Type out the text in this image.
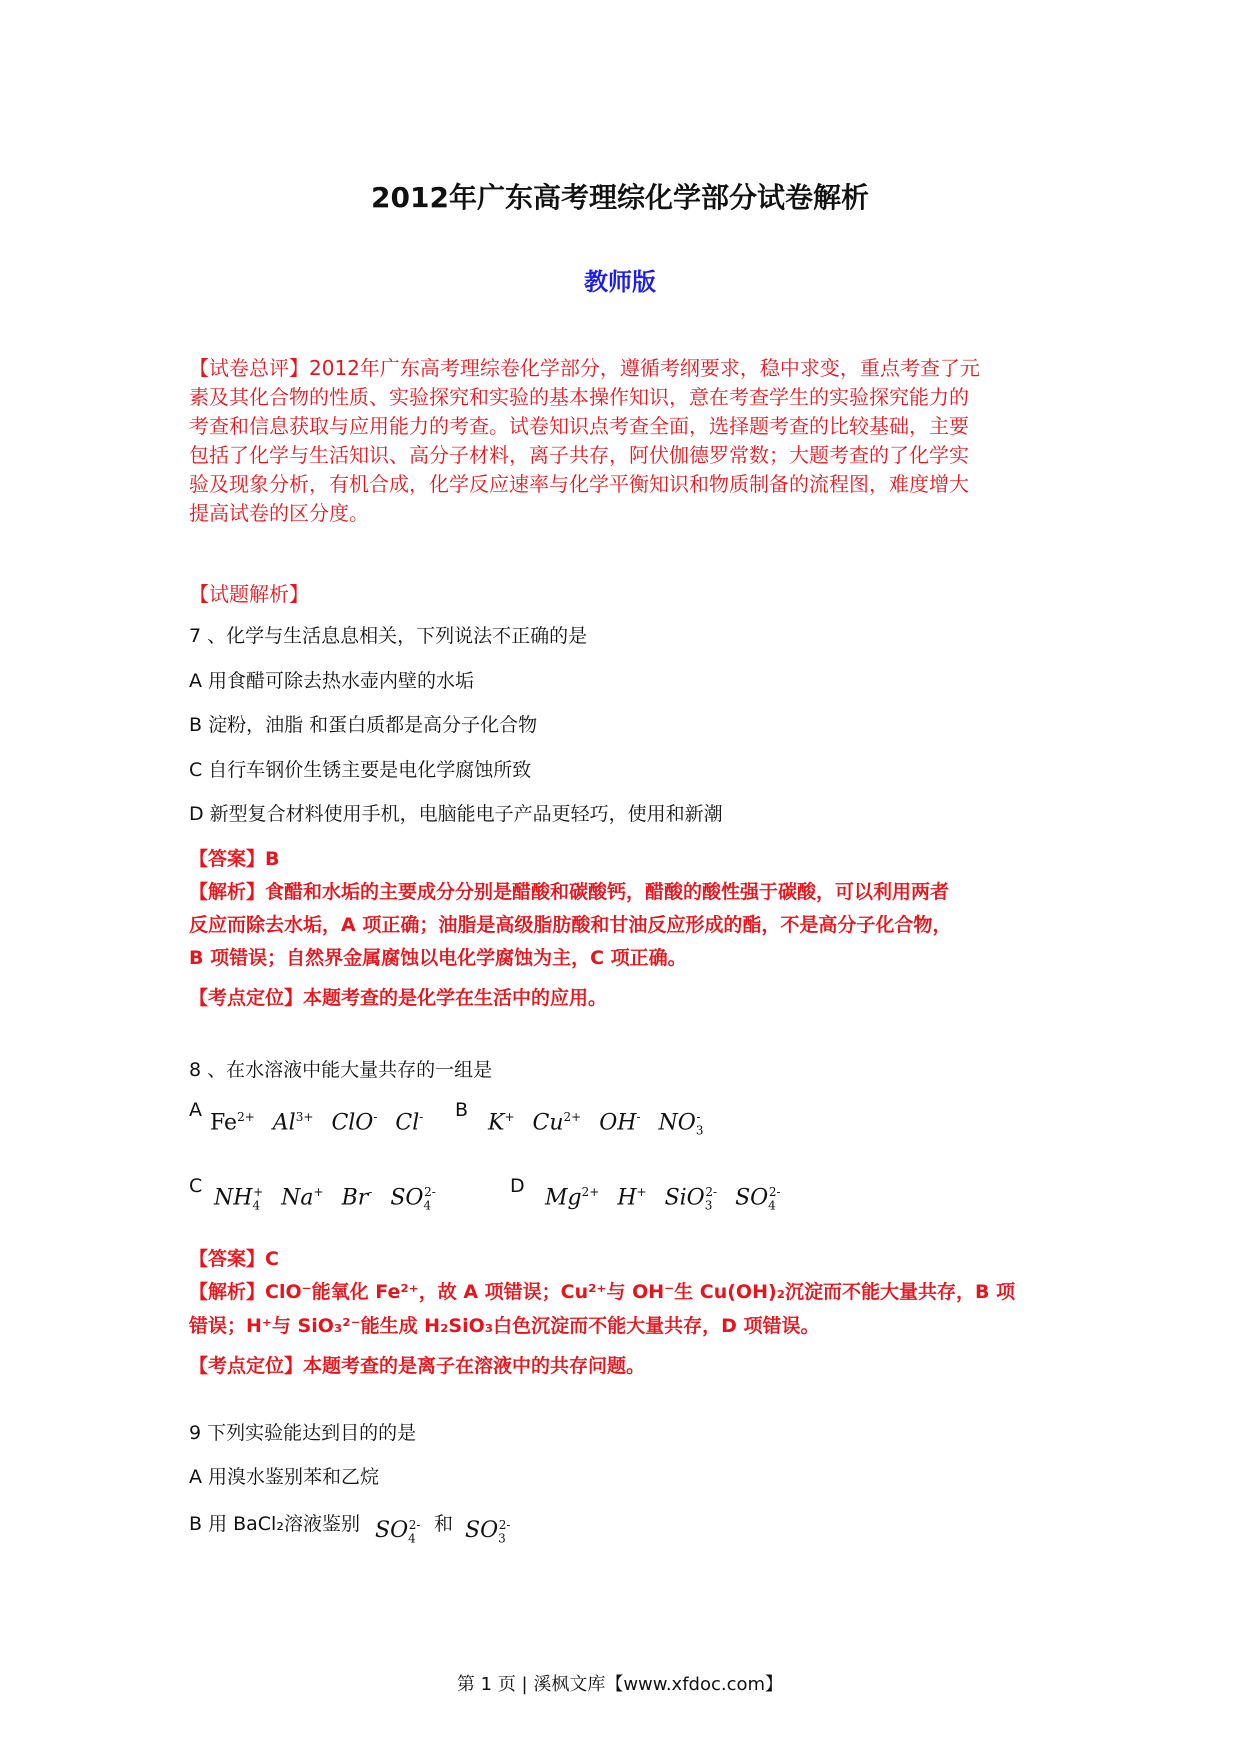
2012年广东高考理综化学部分试卷解析
教师版
【试卷总评】2012年广东高考理综卷化学部分，遵循考纲要求，稳中求变，重点考查了元
素及其化合物的性质、实验探究和实验的基本操作知识，意在考查学生的实验探究能力的
考查和信息获取与应用能力的考查。试卷知识点考查全面，选择题考查的比较基础，主要
包括了化学与生活知识、高分子材料，离子共存，阿伏伽德罗常数；大题考查的了化学实
验及现象分析，有机合成，化学反应速率与化学平衡知识和物质制备的流程图，难度增大
提高试卷的区分度。
【试题解析】
7 、化学与生活息息相关，下列说法不正确的是
A 用食醋可除去热水壶内壁的水垢
B 淀粉，油脂 和蛋白质都是高分子化合物
C 自行车钢价生锈主要是电化学腐蚀所致
D 新型复合材料使用手机，电脑能电子产品更轻巧，使用和新潮
【答案】B
【解析】食醋和水垢的主要成分分别是醋酸和碳酸钙，醋酸的酸性强于碳酸，可以利用两者
反应而除去水垢，A 项正确；油脂是高级脂肪酸和甘油反应形成的酯，不是高分子化合物，
B 项错误；自然界金属腐蚀以电化学腐蚀为主，C 项正确。
【考点定位】本题考查的是化学在生活中的应用。
8 、在水溶液中能大量共存的一组是
A
$Fe^{2+}$ $Al^{3+}$ ClO- Cl-	B
K+ $Cu^{2+}$ OH- $NO_3^-$
C $NH_4^+$ Na+ Br- $SO_4^{2-}$	D $Mg^{2+}$ H+ SiO$_3^{2-}$ $SO_4^{2-}$
【答案】C
【解析】ClO⁻能氧化 Fe²⁺，故 A 项错误；Cu²⁺与 OH⁻生 Cu(OH)₂沉淀而不能大量共存，B 项
错误；H⁺与 SiO₃²⁻能生成 H₂SiO₃白色沉淀而不能大量共存，D 项错误。
【考点定位】本题考查的是离子在溶液中的共存问题。
9 下列实验能达到目的的是
A 用溴水鉴别苯和乙烷
B 用 BaCl₂溶液鉴别 $SO_4^{2-}$ 和 $SO_3^{2-}$
第 1 页 | 溪枫文库【www.xfdoc.com】
